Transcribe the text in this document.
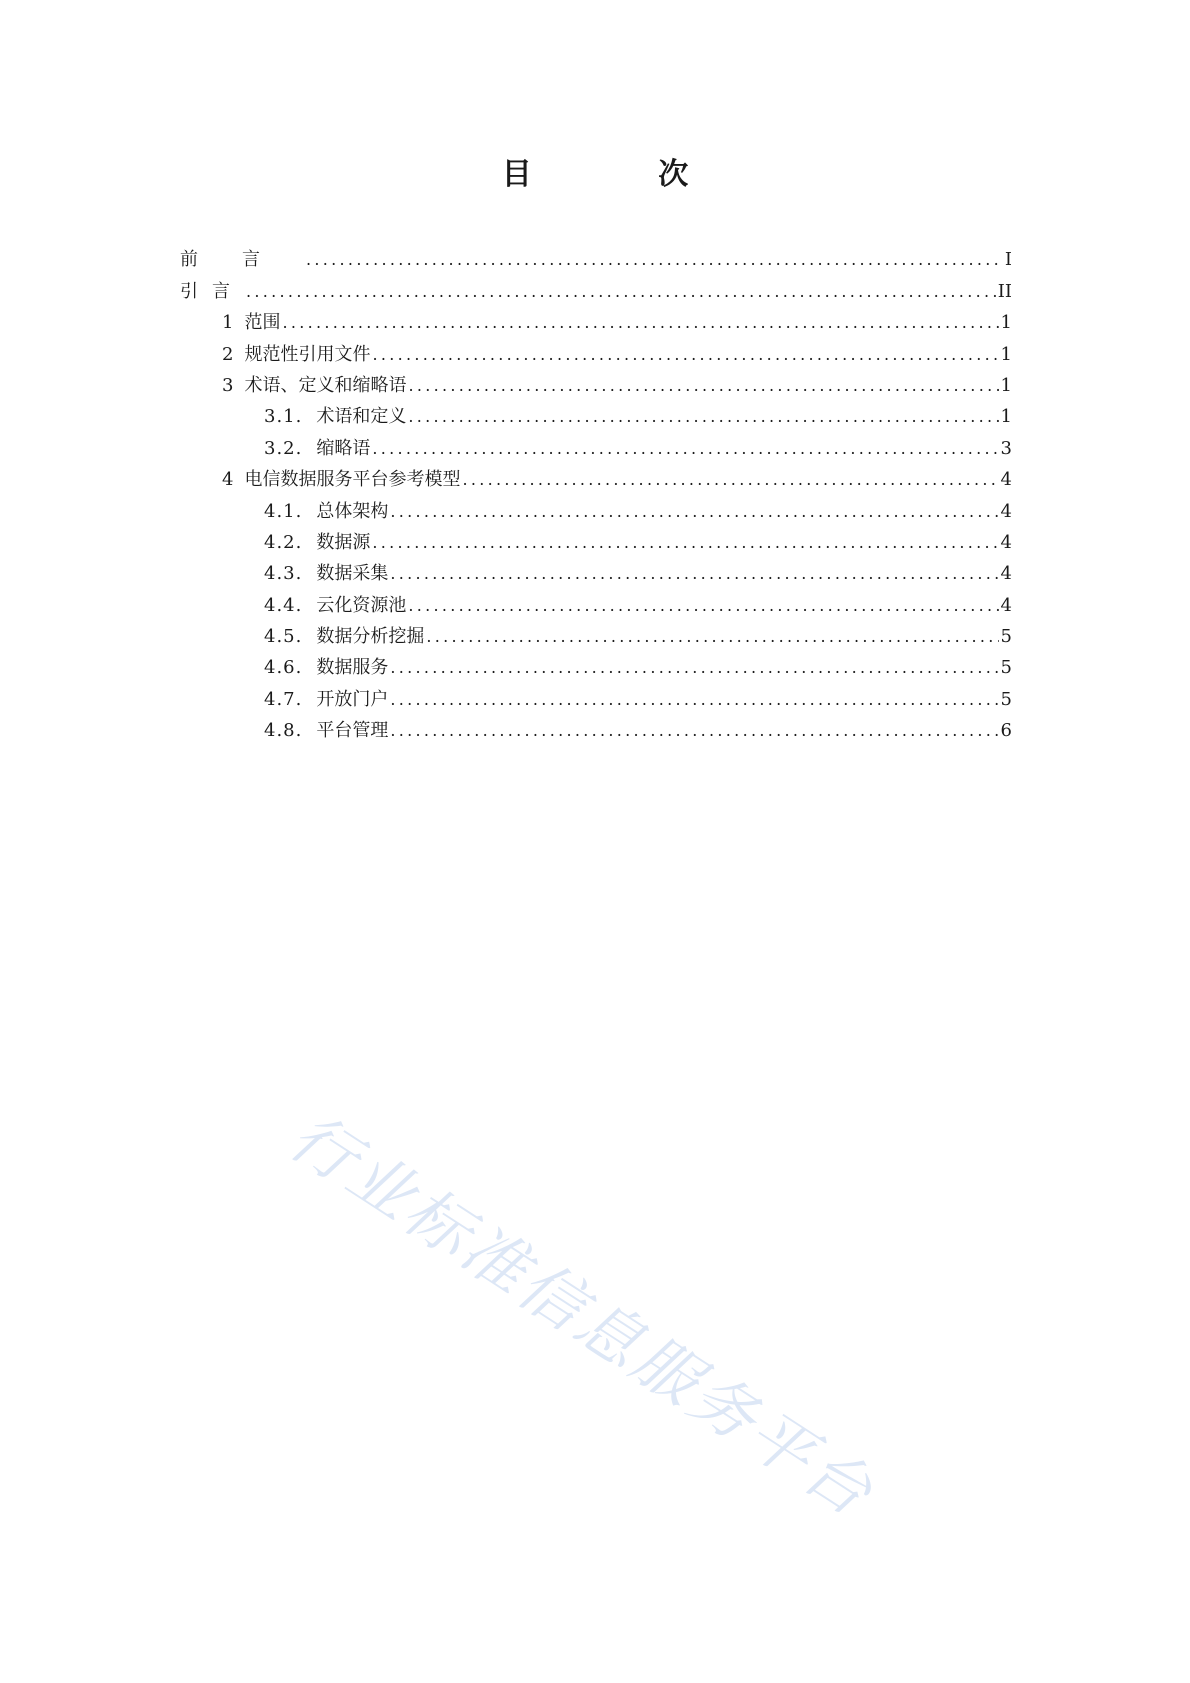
目 次
前言 .....	I
引言 .....	II
1 范围 .....	1
2 规范性引用文件 .....	1
3 术语、定义和缩略语 .....	1
3.1. 术语和定义 .....	1
3.2. 缩略语 .....	3
4 电信数据服务平台参考模型 .....	4
4.1. 总体架构 .....	4
4.2. 数据源 .....	4
4.3. 数据采集 .....	4
4.4. 云化资源池 .....	4
4.5. 数据分析挖掘 .....	5
4.6. 数据服务 .....	5
4.7. 开放门户 .....	5
4.8. 平台管理 .....	6
行业标准信息服务平台
